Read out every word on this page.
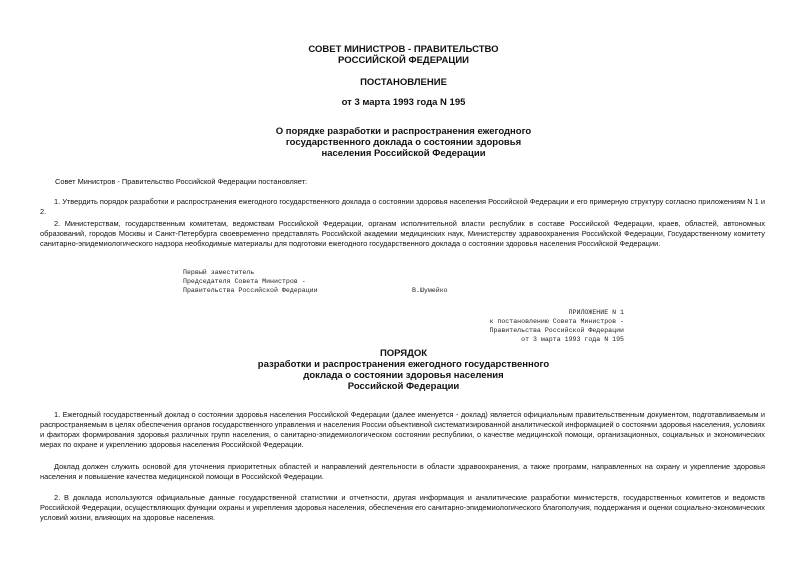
СОВЕТ МИНИСТРОВ - ПРАВИТЕЛЬСТВО
РОССИЙСКОЙ ФЕДЕРАЦИИ
ПОСТАНОВЛЕНИЕ
от 3 марта 1993 года N 195
О порядке разработки и распространения ежегодного
государственного доклада о состоянии здоровья
населения Российской Федерации
Совет Министров - Правительство Российской Федерации постановляет:
1. Утвердить порядок разработки и распространения ежегодного государственного доклада о состоянии здоровья населения Российской Федерации и его примерную структуру согласно приложениям N 1 и 2.
2. Министерствам, государственным комитетам, ведомствам Российской Федерации, органам исполнительной власти республик в составе Российской Федерации, краев, областей, автономных образований, городов Москвы и Санкт-Петербурга своевременно представлять Российской академии медицинских наук, Министерству здравоохранения Российской Федерации, Государственному комитету санитарно-эпидемиологического надзора необходимые материалы для подготовки ежегодного государственного доклада о состоянии здоровья населения Российской Федерации.
Первый заместитель
Председателя Совета Министров -
Правительства Российской Федерации	В.Шумейко
ПРИЛОЖЕНИЕ N 1
к постановлению Совета Министров -
Правительства Российской Федерации
от 3 марта 1993 года N 195
ПОРЯДОК
разработки и распространения ежегодного государственного
доклада о состоянии здоровья населения
Российской Федерации
1. Ежегодный государственный доклад о состоянии здоровья населения Российской Федерации (далее именуется - доклад) является официальным правительственным документом, подготавливаемым и распространяемым в целях обеспечения органов государственного управления и населения России объективной систематизированной аналитической информацией о состоянии здоровья населения, условиях и факторах формирования здоровья различных групп населения, о санитарно-эпидемиологическом состоянии республики, о качестве медицинской помощи, организационных, социальных и экономических мерах по охране и укреплению здоровья населения Российской Федерации.
Доклад должен служить основой для уточнения приоритетных областей и направлений деятельности в области здравоохранения, а также программ, направленных на охрану и укрепление здоровья населения и повышение качества медицинской помощи в Российской Федерации.
2. В доклада используются официальные данные государственной статистики и отчетности, другая информация и аналитические разработки министерств, государственных комитетов и ведомств Российской Федерации, осуществляющих функции охраны и укрепления здоровья населения, обеспечения его санитарно-эпидемиологического благополучия, поддержания и оценки социально-экономических условий жизни, влияющих на здоровье населения.
